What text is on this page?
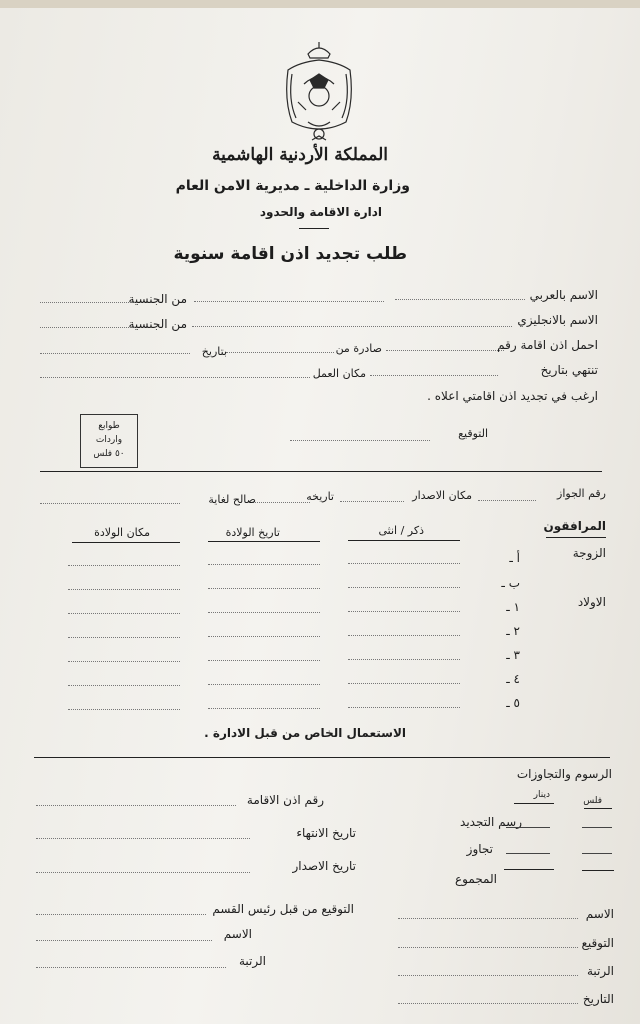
المملكة الأردنية الهاشمية
وزارة الداخلية ـ مديرية الامن العام
ادارة الاقامة والحدود
طلب تجديد اذن اقامة سنوية
الاسم بالعربي
من الجنسية
الاسم بالانجليزي
من الجنسية
احمل اذن اقامة رقم
صادرة من
بتاريخ
تنتهي بتاريخ
مكان العمل
ارغب في تجديد اذن اقامتي اعلاه .
طوابع
واردات
٥٠ فلس
التوقيع
رقم الجواز
مكان الاصدار
تاريخه
صالح لغاية
المرافقون
ذكر / انثى
تاريخ الولادة
مكان الولادة
الزوجة
الاولاد
أ ـ
ب ـ
١ ـ
٢ ـ
٣ ـ
٤ ـ
٥ ـ
الاستعمال الخاص من قبل الادارة .
الرسوم والتجاوزات
فلس
دينار
رسم التجديد
تجاوز
المجموع
رقم اذن الاقامة
تاريخ الانتهاء
تاريخ الاصدار
التوقيع من قبل رئيس القسم
الاسم
الرتبة
الاسم
التوقيع
الرتبة
التاريخ
